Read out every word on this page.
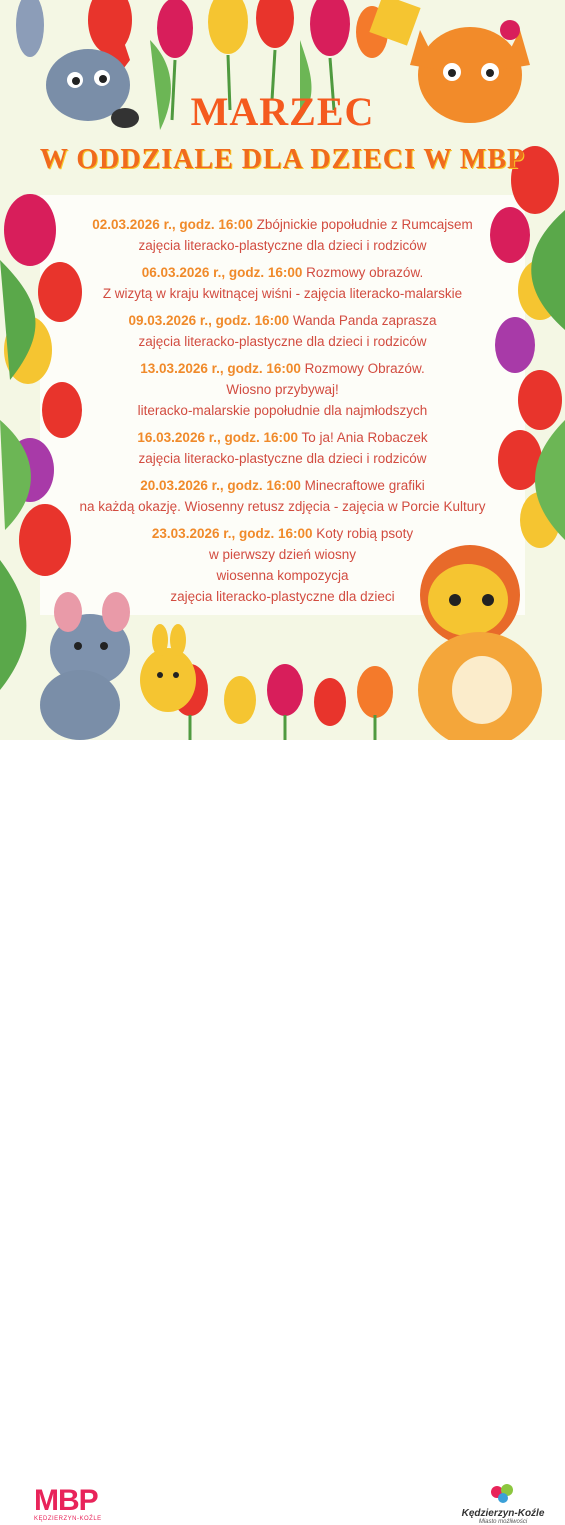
MARZEC
W ODDZIALE DLA DZIECI W MBP
02.03.2026 r., godz. 16:00 Zbójnickie popołudnie z Rumcajsem
zajęcia literacko-plastyczne dla dzieci i rodziców
06.03.2026 r., godz. 16:00 Rozmowy obrazów.
Z wizytą w kraju kwitnącej wiśni - zajęcia literacko-malarskie
09.03.2026 r., godz. 16:00 Wanda Panda zaprasza
zajęcia literacko-plastyczne dla dzieci i rodziców
13.03.2026 r., godz. 16:00 Rozmowy Obrazów.
Wiosno przybywaj!
literacko-malarskie popołudnie dla najmłodszych
16.03.2026 r., godz. 16:00 To ja! Ania Robaczek
zajęcia literacko-plastyczne dla dzieci i rodziców
20.03.2026 r., godz. 16:00 Minecraftowe grafiki
na każdą okazję. Wiosenny retusz zdjęcia - zajęcia w Porcie Kultury
23.03.2026 r., godz. 16:00 Koty robią psoty
w pierwszy dzień wiosny
wiosenna kompozycja
zajęcia literacko-plastyczne dla dzieci
MBP
KĘDZIERZYN-KOŹLE	Kędzierzyn-Koźle
Miasto możliwości
